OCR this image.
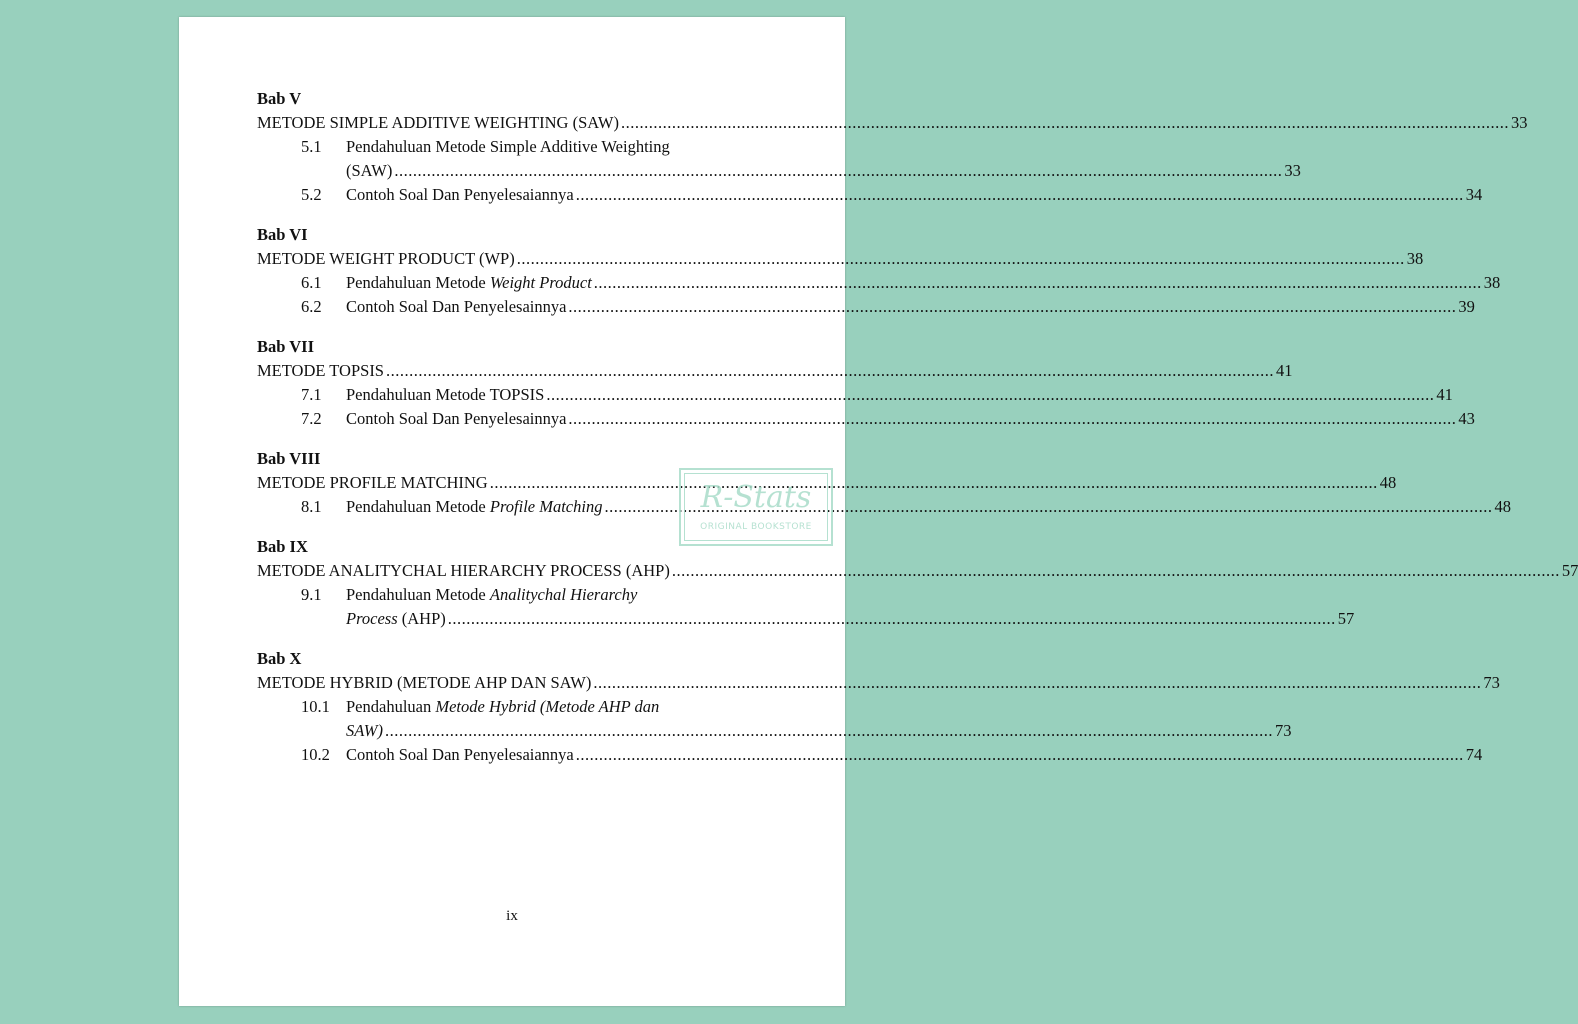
Bab V
METODE SIMPLE ADDITIVE WEIGHTING (SAW) .....	33
5.1	Pendahuluan Metode Simple Additive Weighting
(SAW) .....	33
5.2	Contoh Soal Dan Penyelesaiannya .....	34
Bab VI
METODE WEIGHT PRODUCT (WP) .....	38
6.1	Pendahuluan Metode Weight Product .....	38
6.2	Contoh Soal Dan Penyelesainnya .....	39
Bab VII
METODE TOPSIS .....	41
7.1	Pendahuluan Metode TOPSIS .....	41
7.2	Contoh Soal Dan Penyelesainnya .....	43
Bab VIII
METODE PROFILE MATCHING .....	48
8.1	Pendahuluan Metode Profile Matching .....	48
Bab IX
METODE ANALITYCHAL HIERARCHY PROCESS (AHP) .....	57
9.1	Pendahuluan Metode Analitychal Hierarchy
Process (AHP) .....	57
Bab X
METODE HYBRID (METODE AHP DAN SAW) .....	73
10.1 Pendahuluan Metode Hybrid (Metode AHP dan
SAW) .....	73
10.2 Contoh Soal Dan Penyelesaiannya .....	74
ix
R-Stats
ORIGINAL BOOKSTORE
